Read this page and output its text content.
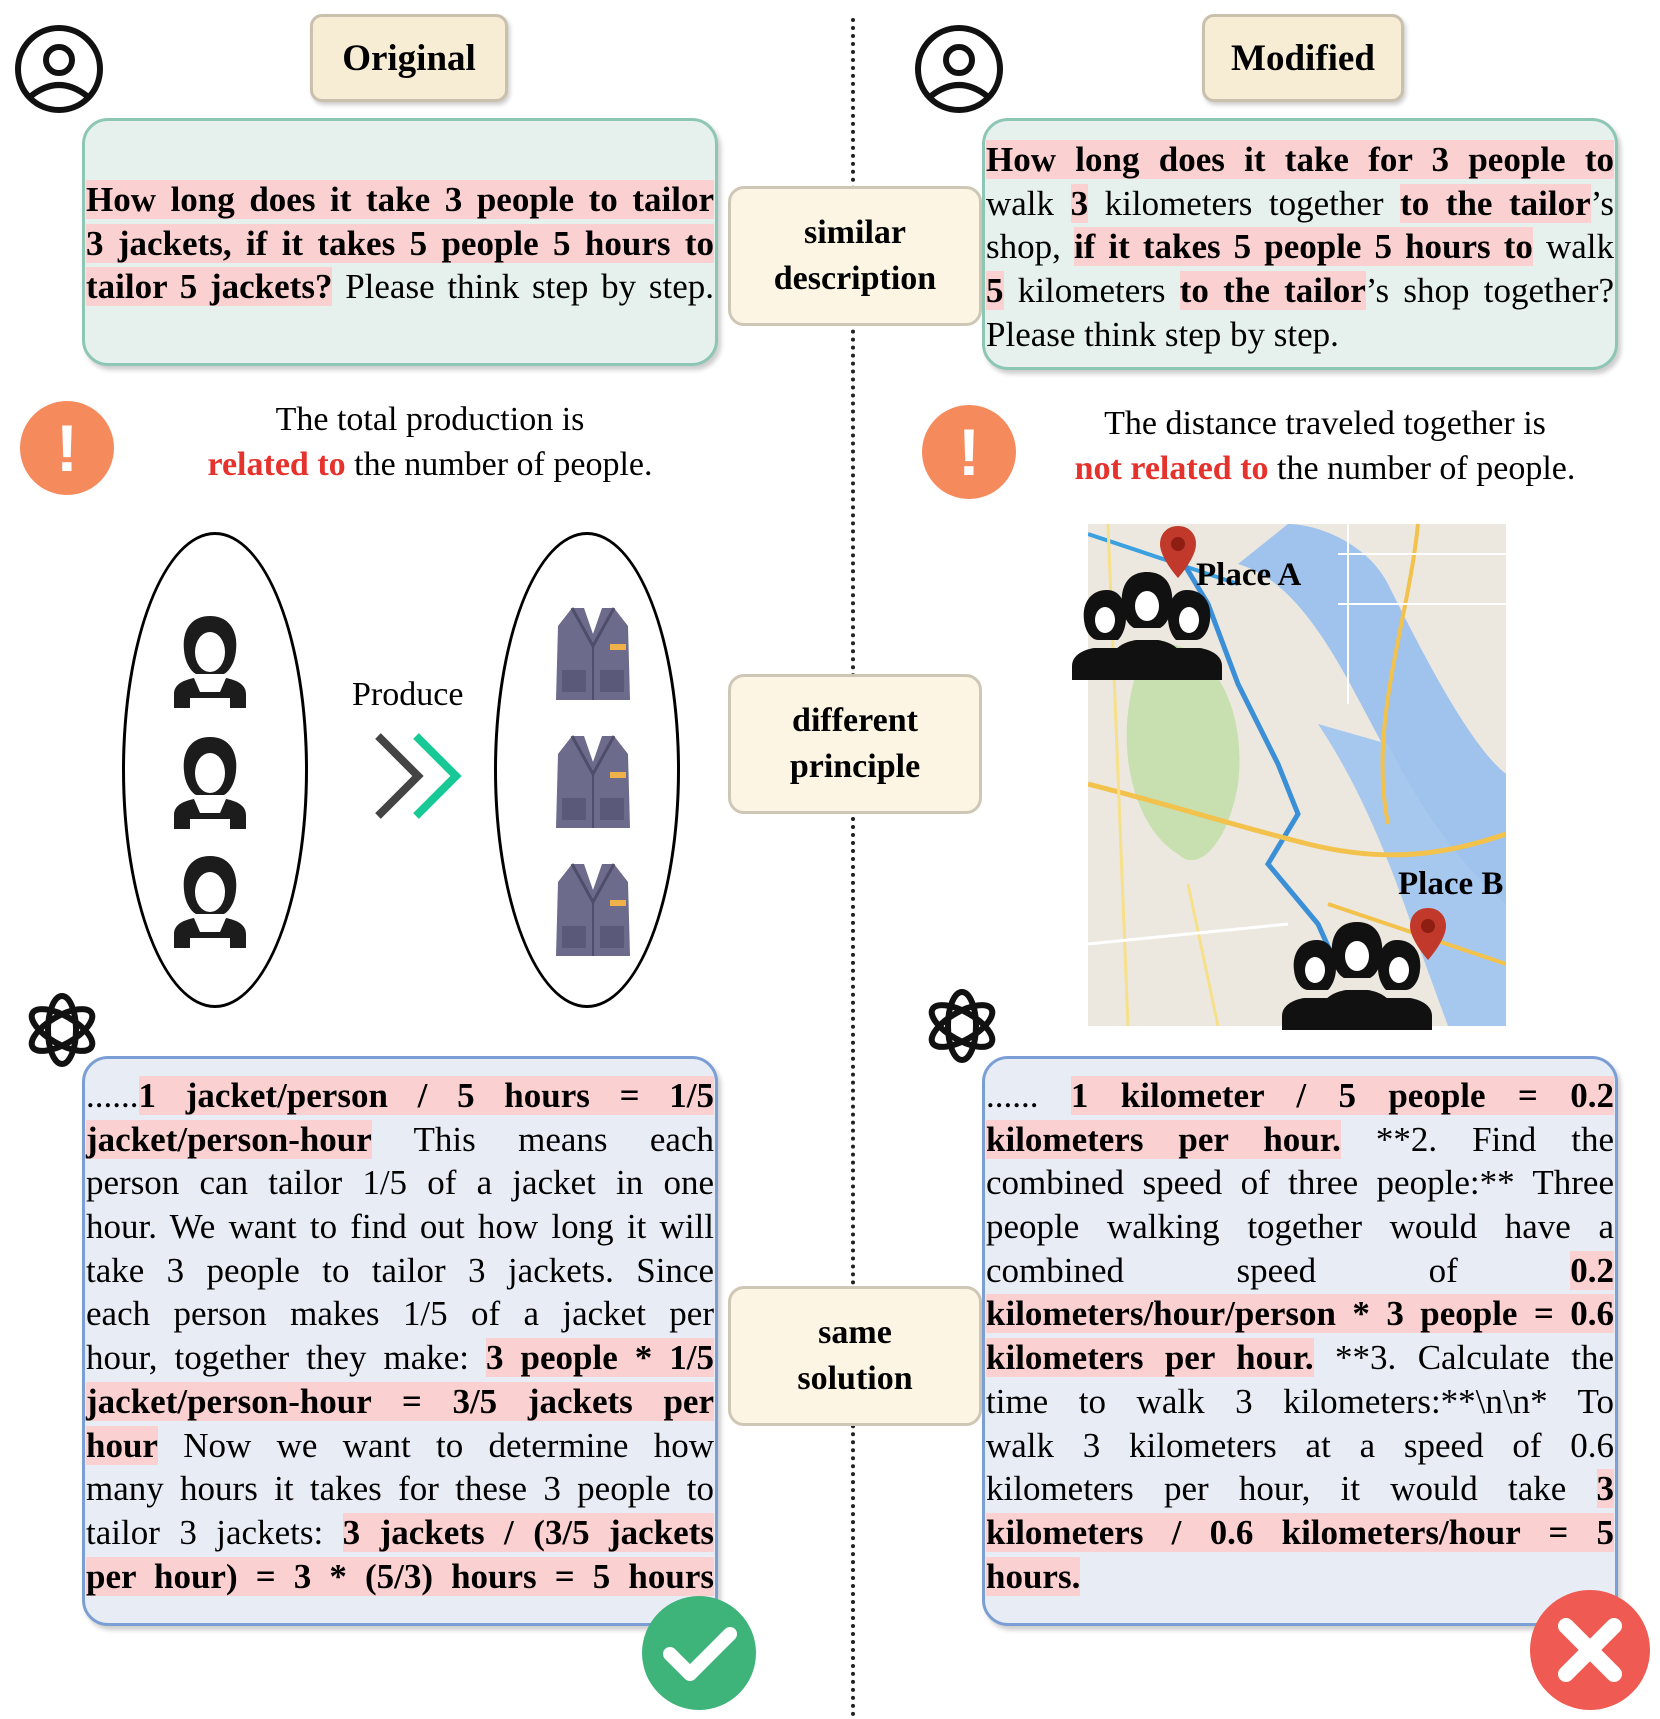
Original
How long does it take 3 people to tailor
3 jackets, if it takes 5 people 5 hours to
tailor 5 jackets? Please think step by step.
!	The total production is
related to the number of people.
Produce
......1 jacket/person / 5 hours = 1/5
jacket/person-hour This means each
person can tailor 1/5 of a jacket in one
hour. We want to find out how long it will
take 3 people to tailor 3 jackets. Since
each person makes 1/5 of a jacket per
hour, together they make: 3 people * 1/5
jacket/person-hour = 3/5 jackets per
hour Now we want to determine how
many hours it takes for these 3 people to
tailor 3 jackets: 3 jackets / (3/5 jackets
per hour) = 3 * (5/3) hours = 5 hours
similar
description
different
principle
same
solution
Modified
How long does it take for 3 people to
walk 3 kilometers together to the tailor’s
shop, if it takes 5 people 5 hours to walk
5 kilometers to the tailor’s shop together?
Please think step by step.
!	The distance traveled together is
not related to the number of people.
Place A
Place B
...... 1 kilometer / 5 people = 0.2
kilometers per hour. **2. Find the
combined speed of three people:** Three
people walking together would have a
combined speed of 0.2
kilometers/hour/person * 3 people = 0.6
kilometers per hour. **3. Calculate the
time to walk 3 kilometers:**\n\n* To
walk 3 kilometers at a speed of 0.6
kilometers per hour, it would take 3
kilometers / 0.6 kilometers/hour = 5
hours.
